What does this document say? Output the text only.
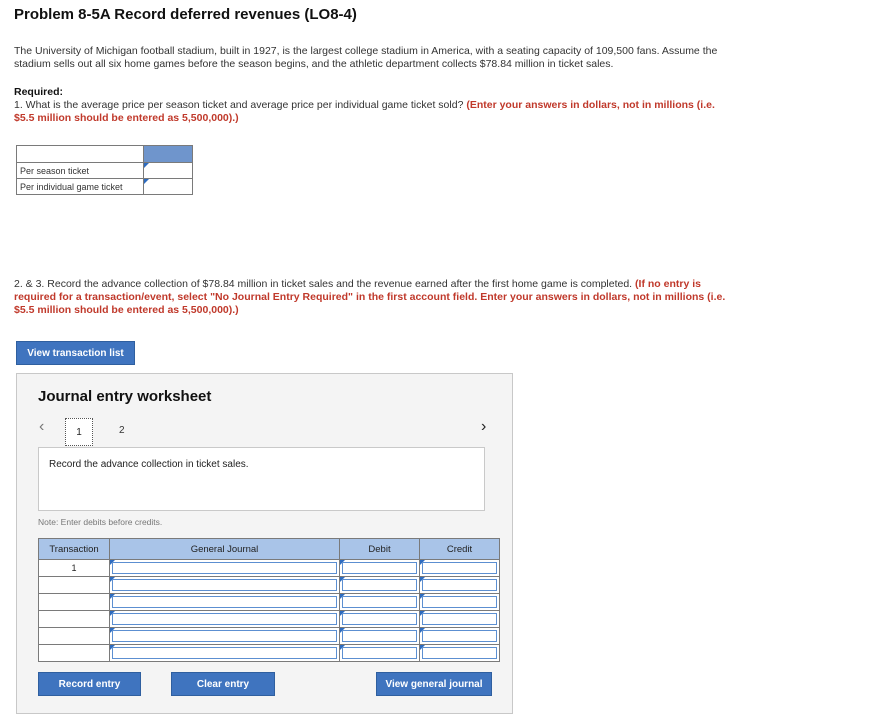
Problem 8-5A Record deferred revenues (LO8-4)
The University of Michigan football stadium, built in 1927, is the largest college stadium in America, with a seating capacity of 109,500 fans. Assume the stadium sells out all six home games before the season begins, and the athletic department collects $78.84 million in ticket sales.
Required:
1. What is the average price per season ticket and average price per individual game ticket sold? (Enter your answers in dollars, not in millions (i.e. $5.5 million should be entered as 5,500,000).)

Per season ticket	

Per individual game ticket	
2. & 3. Record the advance collection of $78.84 million in ticket sales and the revenue earned after the first home game is completed. (If no entry is required for a transaction/event, select "No Journal Entry Required" in the first account field. Enter your answers in dollars, not in millions (i.e. $5.5 million should be entered as 5,500,000).)
View transaction list
Journal entry worksheet
‹	1	2	›
Record the advance collection in ticket sales.
Note: Enter debits before credits.
Transaction	General Journal	Debit	Credit
1	

Record entry	Clear entry	View general journal
